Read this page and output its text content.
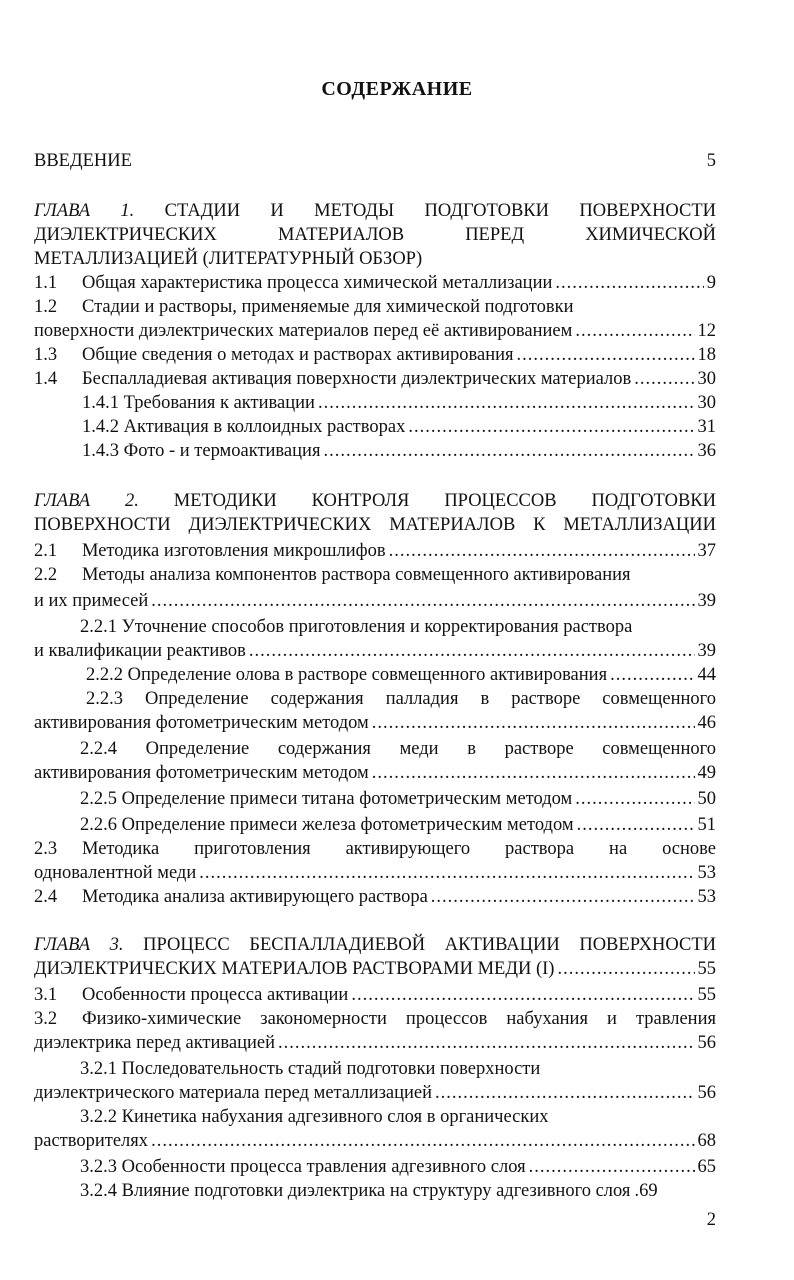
СОДЕРЖАНИЕ
ВВЕДЕНИЕ	5
ГЛАВА 1. СТАДИИ И МЕТОДЫ ПОДГОТОВКИ ПОВЕРХНОСТИ
ДИЭЛЕКТРИЧЕСКИХ МАТЕРИАЛОВ ПЕРЕД ХИМИЧЕСКОЙ
МЕТАЛЛИЗАЦИЕЙ (ЛИТЕРАТУРНЫЙ ОБЗОР)
1.1	Общая характеристика процесса химической металлизации .....	9
1.2	Стадии и растворы, применяемые для химической подготовки
поверхности диэлектрических материалов перед её активированием .....	12
1.3	Общие сведения о методах и растворах активирования .....	18
1.4	Беспалладиевая активация поверхности диэлектрических материалов .....	30
1.4.1 Требования к активации .....	30
1.4.2 Активация в коллоидных растворах .....	31
1.4.3 Фото - и термоактивация .....	36
ГЛАВА 2. МЕТОДИКИ КОНТРОЛЯ ПРОЦЕССОВ ПОДГОТОВКИ
ПОВЕРХНОСТИ ДИЭЛЕКТРИЧЕСКИХ МАТЕРИАЛОВ К МЕТАЛЛИЗАЦИИ
2.1	Методика изготовления микрошлифов .....	37
2.2	Методы анализа компонентов раствора совмещенного активирования
и их примесей .....	39
2.2.1 Уточнение способов приготовления и корректирования раствора
и квалификации реактивов .....	39
2.2.2 Определение олова в растворе совмещенного активирования .....	44
2.2.3 Определение содержания палладия в растворе совмещенного
активирования фотометрическим методом .....	46
2.2.4 Определение содержания меди в растворе совмещенного
активирования фотометрическим методом .....	49
2.2.5 Определение примеси титана фотометрическим методом .....	50
2.2.6 Определение примеси железа фотометрическим методом .....	51
2.3	Методика приготовления активирующего раствора на основе
одновалентной меди .....	53
2.4	Методика анализа активирующего раствора .....	53
ГЛАВА 3. ПРОЦЕСС БЕСПАЛЛАДИЕВОЙ АКТИВАЦИИ ПОВЕРХНОСТИ
ДИЭЛЕКТРИЧЕСКИХ МАТЕРИАЛОВ РАСТВОРАМИ МЕДИ (I) .....	55
3.1	Особенности процесса активации .....	55
3.2	Физико-химические закономерности процессов набухания и травления
диэлектрика перед активацией .....	56
3.2.1 Последовательность стадий подготовки поверхности
диэлектрического материала перед металлизацией .....	56
3.2.2 Кинетика набухания адгезивного слоя в органических
растворителях .....	68
3.2.3 Особенности процесса травления адгезивного слоя .....	65
3.2.4 Влияние подготовки диэлектрика на структуру адгезивного слоя . 69
2
